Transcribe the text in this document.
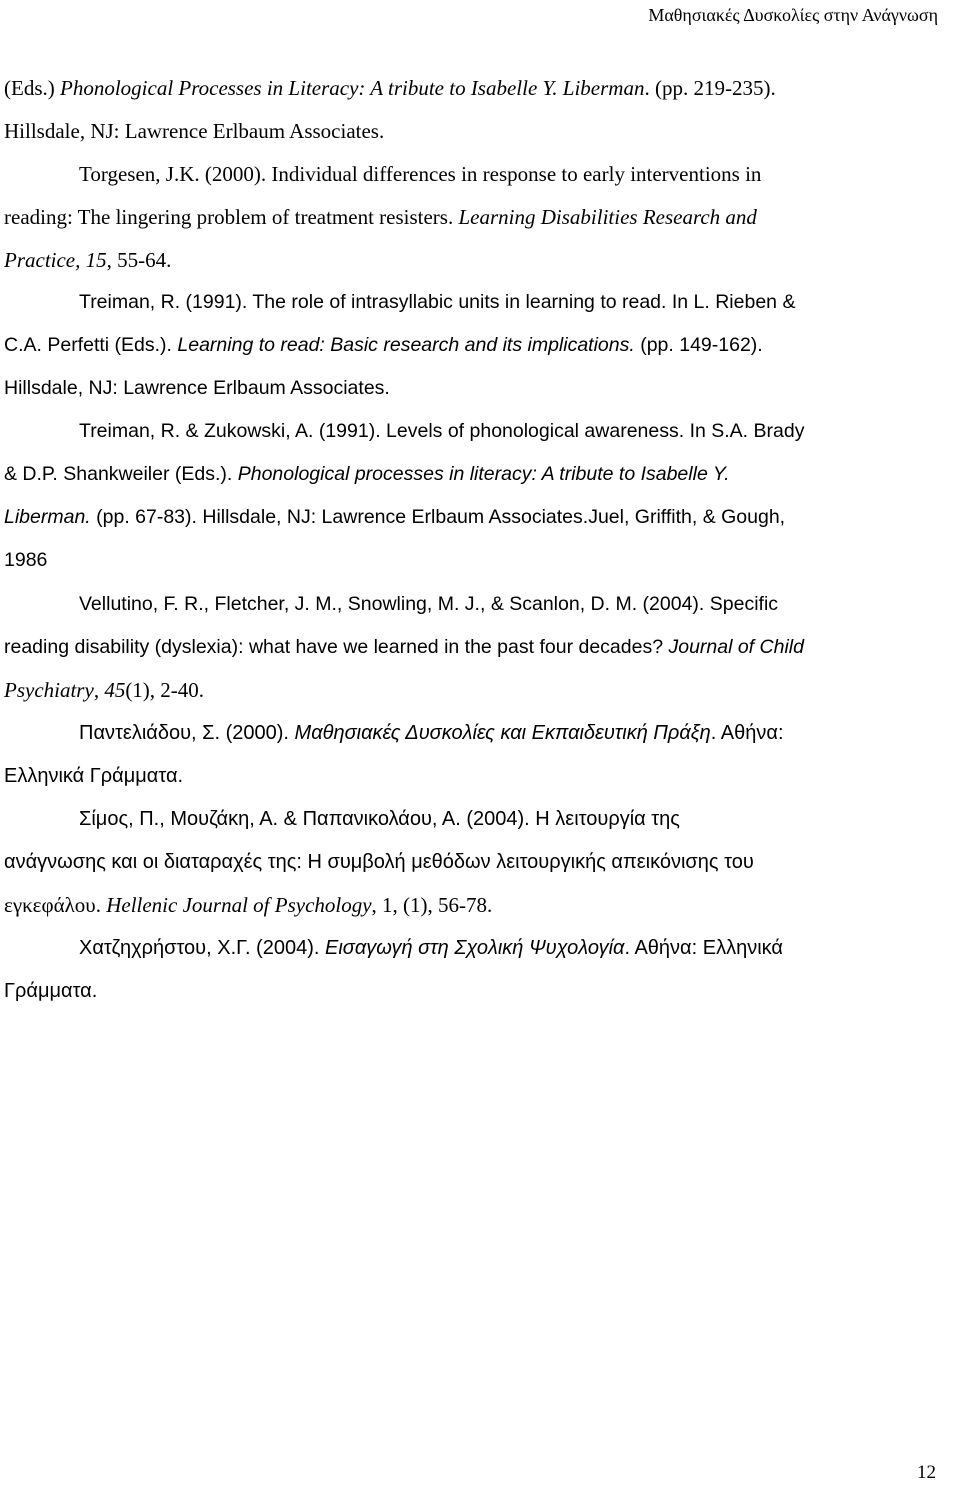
Μαθησιακές Δυσκολίες στην Ανάγνωση
(Eds.) Phonological Processes in Literacy: A tribute to Isabelle Y. Liberman. (pp. 219-235).
Hillsdale, NJ: Lawrence Erlbaum Associates.
Torgesen, J.K. (2000). Individual differences in response to early interventions in
reading: The lingering problem of treatment resisters. Learning Disabilities Research and
Practice, 15, 55-64.
Treiman, R. (1991). The role of intrasyllabic units in learning to read. In L. Rieben &
C.A. Perfetti (Eds.). Learning to read: Basic research and its implications. (pp. 149-162).
Hillsdale, NJ: Lawrence Erlbaum Associates.
Treiman, R. & Zukowski, A. (1991). Levels of phonological awareness. In S.A. Brady
& D.P. Shankweiler (Eds.). Phonological processes in literacy: A tribute to Isabelle Y.
Liberman. (pp. 67-83). Hillsdale, NJ: Lawrence Erlbaum Associates.Juel, Griffith, & Gough,
1986
Vellutino, F. R., Fletcher, J. M., Snowling, M. J., & Scanlon, D. M. (2004). Specific
reading disability (dyslexia): what have we learned in the past four decades? Journal of Child
Psychiatry, 45(1), 2-40.
Παντελιάδου, Σ. (2000). Μαθησιακές Δυσκολίες και Εκπαιδευτική Πράξη. Αθήνα:
Ελληνικά Γράμματα.
Σίμος, Π., Μουζάκη, Α. & Παπανικολάου, Α. (2004). Η λειτουργία της
ανάγνωσης και οι διαταραχές της: Η συμβολή μεθόδων λειτουργικής απεικόνισης του
εγκεφάλου. Hellenic Journal of Psychology, 1, (1), 56-78.
Χατζηχρήστου, Χ.Γ. (2004). Εισαγωγή στη Σχολική Ψυχολογία. Αθήνα: Ελληνικά
Γράμματα.
12
